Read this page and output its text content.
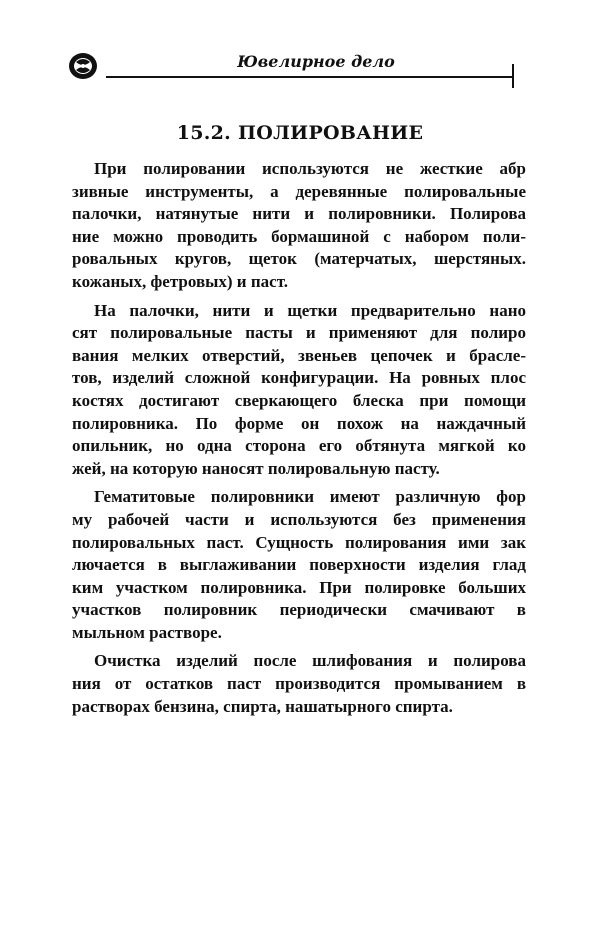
Ювелирное дело
15.2. ПОЛИРОВАНИЕ
При полировании используются не жесткие абр
зивные инструменты, а деревянные полировальные
палочки, натянутые нити и полировники. Полирова
ние можно проводить бормашиной с набором поли-
ровальных кругов, щеток (матерчатых, шерстяных.
кожаных, фетровых) и паст.
На палочки, нити и щетки предварительно нано
сят полировальные пасты и применяют для полиро
вания мелких отверстий, звеньев цепочек и брасле-
тов, изделий сложной конфигурации. На ровных плос
костях достигают сверкающего блеска при помощи
полировника. По форме он похож на наждачный
опильник, но одна сторона его обтянута мягкой ко
жей, на которую наносят полировальную пасту.
Гематитовые полировники имеют различную фор
му рабочей части и используются без применения
полировальных паст. Сущность полирования ими зак
лючается в выглаживании поверхности изделия глад
ким участком полировника. При полировке больших
участков полировник периодически смачивают в
мыльном растворе.
Очистка изделий после шлифования и полирова
ния от остатков паст производится промыванием в
растворах бензина, спирта, нашатырного спирта.
